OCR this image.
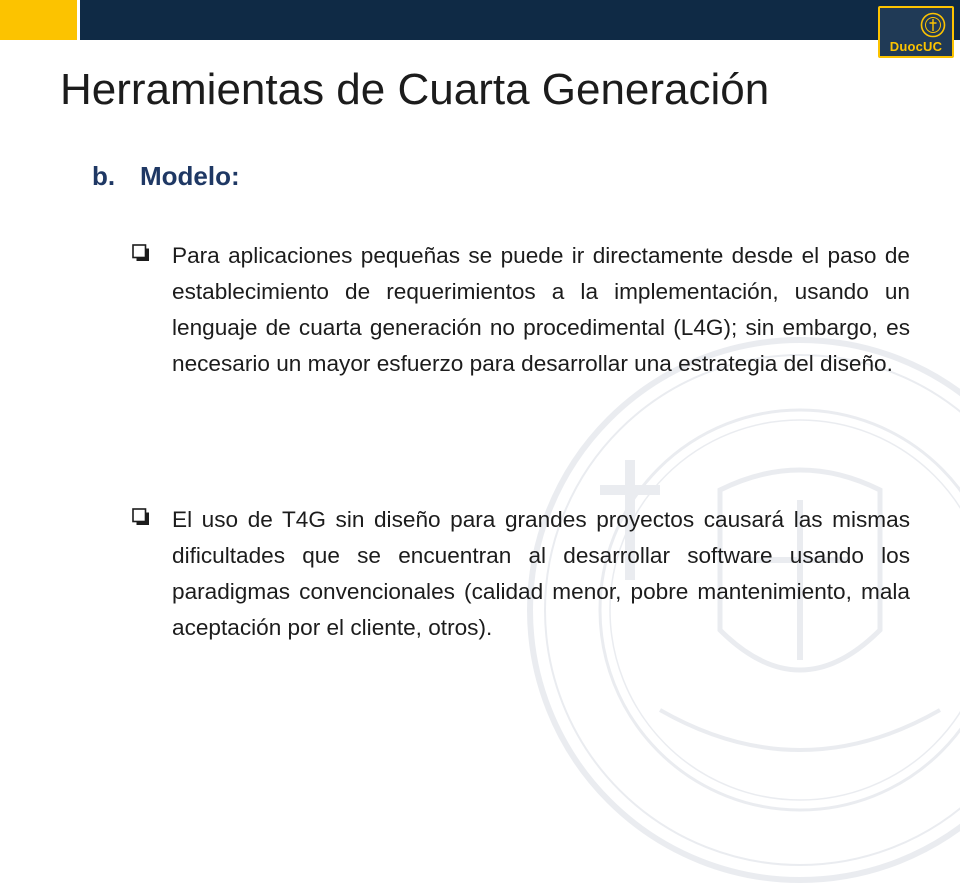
DuocUC
Herramientas de Cuarta Generación
b. Modelo:

Para aplicaciones pequeñas se puede ir directamente desde el paso de establecimiento de requerimientos a la implementación, usando un lenguaje de cuarta generación no procedimental (L4G); sin embargo, es necesario un mayor esfuerzo para desarrollar una estrategia del diseño.

El uso de T4G sin diseño para grandes proyectos causará las mismas dificultades que se encuentran al desarrollar software usando los paradigmas convencionales (calidad menor, pobre mantenimiento, mala aceptación por el cliente, otros).
